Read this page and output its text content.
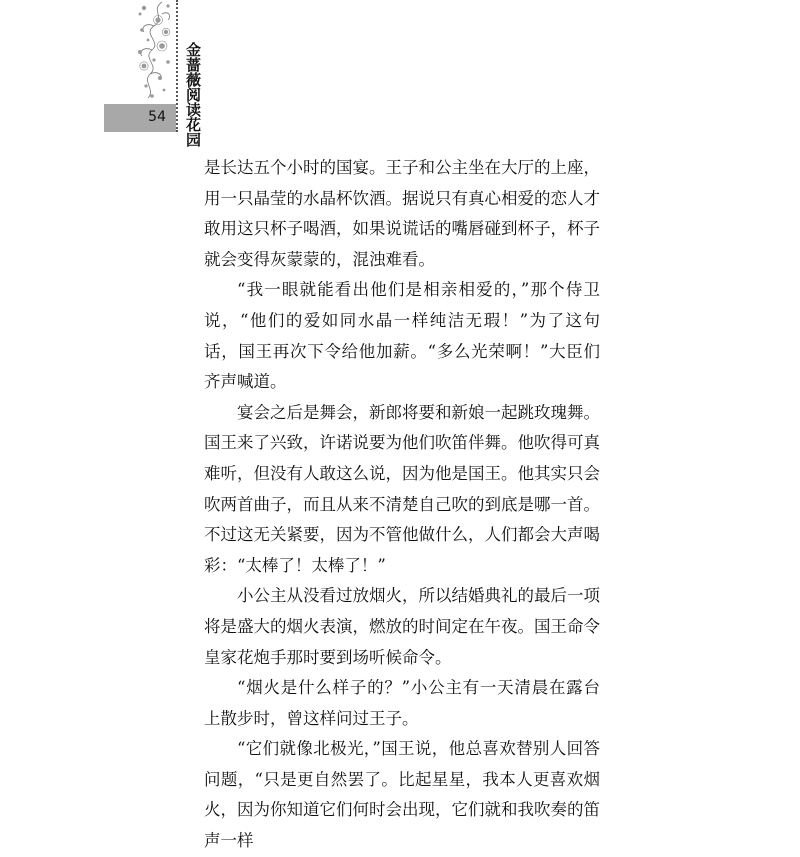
金蔷薇阅读花园
54

是长达五个小时的国宴。王子和公主坐在大厅的上座，用一只晶莹的水晶杯饮酒。据说只有真心相爱的恋人才敢用这只杯子喝酒，如果说谎话的嘴唇碰到杯子，杯子就会变得灰蒙蒙的，混浊难看。

“我一眼就能看出他们是相亲相爱的，”那个侍卫说，“他们的爱如同水晶一样纯洁无瑕！”为了这句话，国王再次下令给他加薪。“多么光荣啊！”大臣们齐声喊道。

宴会之后是舞会，新郎将要和新娘一起跳玫瑰舞。国王来了兴致，许诺说要为他们吹笛伴舞。他吹得可真难听，但没有人敢这么说，因为他是国王。他其实只会吹两首曲子，而且从来不清楚自己吹的到底是哪一首。不过这无关紧要，因为不管他做什么，人们都会大声喝彩：“太棒了！太棒了！”

小公主从没看过放烟火，所以结婚典礼的最后一项将是盛大的烟火表演，燃放的时间定在午夜。国王命令皇家花炮手那时要到场听候命令。

“烟火是什么样子的？”小公主有一天清晨在露台上散步时，曾这样问过王子。

“它们就像北极光，”国王说，他总喜欢替别人回答问题，“只是更自然罢了。比起星星，我本人更喜欢烟火，因为你知道它们何时会出现，它们就和我吹奏的笛声一样
